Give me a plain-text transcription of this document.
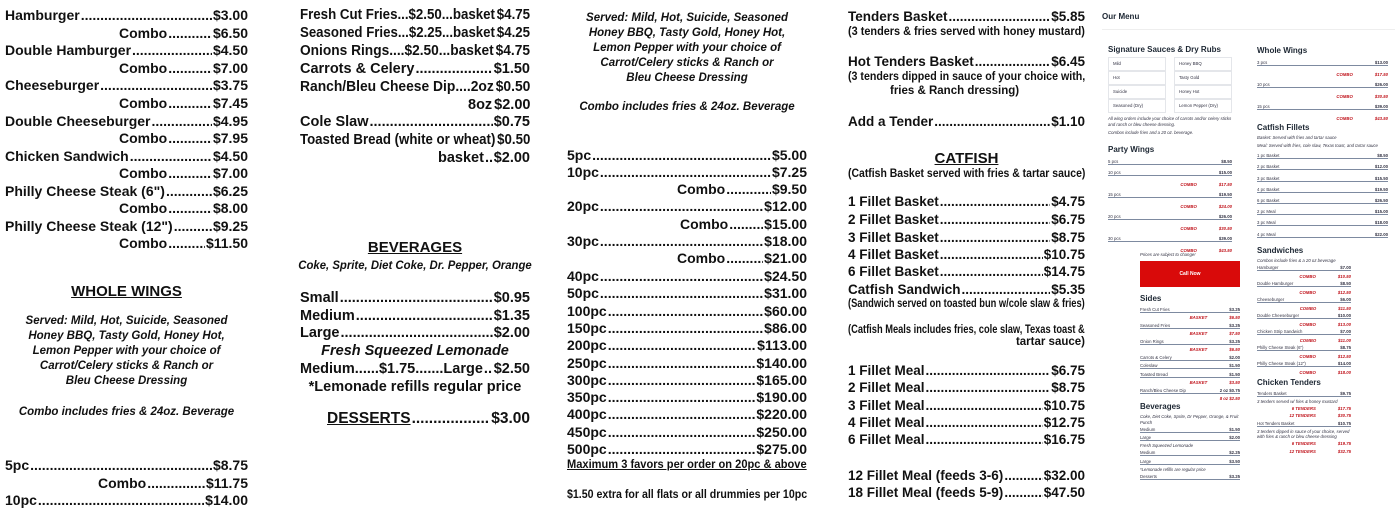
Hamburger .....	$3.00
Combo .....	$6.50
Double Hamburger .....	$4.50
Combo .....	$7.00
Cheeseburger .....	$3.75
Combo .....	$7.45
Double Cheeseburger .....	$4.95
Combo .....	$7.95
Chicken Sandwich .....	$4.50
Combo .....	$7.00
Philly Cheese Steak (6") .....	$6.25
Combo .....	$8.00
Philly Cheese Steak (12") .....	$9.25
Combo .....	$11.50
WHOLE WINGS
Served: Mild, Hot, Suicide, Seasoned
Honey BBQ, Tasty Gold, Honey Hot,
Lemon Pepper with your choice of
Carrot/Celery sticks & Ranch or
Bleu Cheese Dressing
Combo includes fries & 24oz. Beverage
5pc .....	$8.75
Combo .....	$11.75
10pc .....	$14.00
Fresh Cut Fries...$2.50...basket $4.75
Seasoned Fries...$2.25...basket ..... $4.25
Onions Rings....$2.50...basket ..... $4.75
Carrots & Celery .....	$1.50
Ranch/Bleu Cheese Dip....2oz $0.50
8oz $2.00
Cole Slaw .....	$0.75
Toasted Bread (white or wheat) $0.50
basket ..... $2.00
BEVERAGES
Coke, Sprite, Diet Coke, Dr. Pepper, Orange
Small .....	$0.95
Medium .....	$1.35
Large .....	$2.00
Fresh Squeezed Lemonade
Medium......$1.75.......Large ..... $2.50
*Lemonade refills regular price
DESSERTS .....	$3.00
Served: Mild, Hot, Suicide, Seasoned
Honey BBQ, Tasty Gold, Honey Hot,
Lemon Pepper with your choice of
Carrot/Celery sticks & Ranch or
Bleu Cheese Dressing
Combo includes fries & 24oz. Beverage
5pc .....	$5.00
10pc .....	$7.25
Combo .....	$9.50
20pc .....	$12.00
Combo .....	$15.00
30pc .....	$18.00
Combo .....	$21.00
40pc .....	$24.50
50pc .....	$31.00
100pc .....	$60.00
150pc .....	$86.00
200pc .....	$113.00
250pc .....	$140.00
300pc .....	$165.00
350pc .....	$190.00
400pc .....	$220.00
450pc .....	$250.00
500pc .....	$275.00
Maximum 3 favors per order on 20pc & above
$1.50 extra for all flats or all drummies per 10pc
Tenders Basket .....	$5.85
(3 tenders & fries served with honey mustard)
Hot Tenders Basket .....	$6.45
(3 tenders dipped in sauce of your choice with,
fries & Ranch dressing)
Add a Tender .....	$1.10
CATFISH
(Catfish Basket served with fries & tartar sauce)
1 Fillet Basket .....	$4.75
2 Fillet Basket .....	$6.75
3 Fillet Basket .....	$8.75
4 Fillet Basket .....	$10.75
6 Fillet Basket .....	$14.75
Catfish Sandwich .....	$5.35
(Sandwich served on toasted bun w/cole slaw & fries)
(Catfish Meals includes fries, cole slaw, Texas toast &
tartar sauce)
1 Fillet Meal .....	$6.75
2 Fillet Meal .....	$8.75
3 Fillet Meal .....	$10.75
4 Fillet Meal .....	$12.75
6 Fillet Meal .....	$16.75
12 Fillet Meal (feeds 3-6) .....	$32.00
18 Fillet Meal (feeds 5-9) .....	$47.50
Our Menu
Prices are subject to change!
Call Now
Signature Sauces & Dry Rubs
Mild	Honey BBQ
Hot	Tasty Gold
Suicide	Honey Hot
Seasoned (Dry)	Lemon Pepper (Dry)
All wing orders include your choice of carrots and/or celery sticks and ranch or bleu cheese dressing.
Combos include fries and a 20 oz. beverage.
Party Wings
5 pcs	$8.50
10 pcs	$15.00
COMBO	$17.50
15 pcs	$19.50
COMBO	$24.00
20 pcs	$26.00
COMBO	$30.50
30 pcs	$39.00
COMBO	$43.50
Whole Wings
3 pcs	$13.00
COMBO	$17.50
10 pcs	$26.00
COMBO	$30.50
15 pcs	$39.00
COMBO	$43.50
Catfish Fillets
Basket: Served with fries and tartar sauce
Meal: Served with fries, cole slaw, Texas toast, and tartar sauce
1 pc Basket	$8.50
2 pc Basket	$12.00
3 pc Basket	$15.50
4 pc Basket	$19.50
6 pc Basket	$26.50
2 pc Meal	$15.00
3 pc Meal	$18.00
4 pc Meal	$22.00
Sides
Fresh Cut Fries	$3.25
BASKET	$6.50
Seasoned Fries	$3.25
BASKET	$7.50
Onion Rings	$3.25
BASKET	$6.50
Carrots & Celery	$2.00
Coleslaw	$1.50
Toasted Bread	$1.50
BASKET	$3.50
Ranch/Bleu Cheese Dip	2 oz $0.75
8 oz $2.50
Beverages
Coke, Diet Coke, Sprite, Dr Pepper, Orange, & Fruit Punch
Medium	$1.50
Large	$2.00
Fresh Squeezed Lemonade
Medium	$2.25
Large	$3.50
*Lemonade refills are regular price
Desserts	$3.25
Sandwiches
Combos include fries & a 20 oz beverage
Hamburger	$7.00
COMBO	$10.50
Double Hamburger	$8.50
COMBO	$12.50
Cheeseburger	$6.00
COMBO	$11.50
Double Cheeseburger	$10.00
COMBO	$13.00
Chicken Strip Sandwich	$7.00
COMBO	$11.00
Philly Cheese Steak (6")	$8.75
COMBO	$12.50
Philly Cheese Steak (12")	$14.00
COMBO	$18.00
Chicken Tenders
Tenders Basket	$9.75
3 tenders served w/ fries & honey mustard
6 TENDERS	$17.75
12 TENDERS	$30.75
Hot Tenders Basket	$10.75
3 tenders dipped in sauce of your choice, served with fries & ranch or bleu cheese dressing
6 TENDERS	$19.75
12 TENDERS	$32.75
